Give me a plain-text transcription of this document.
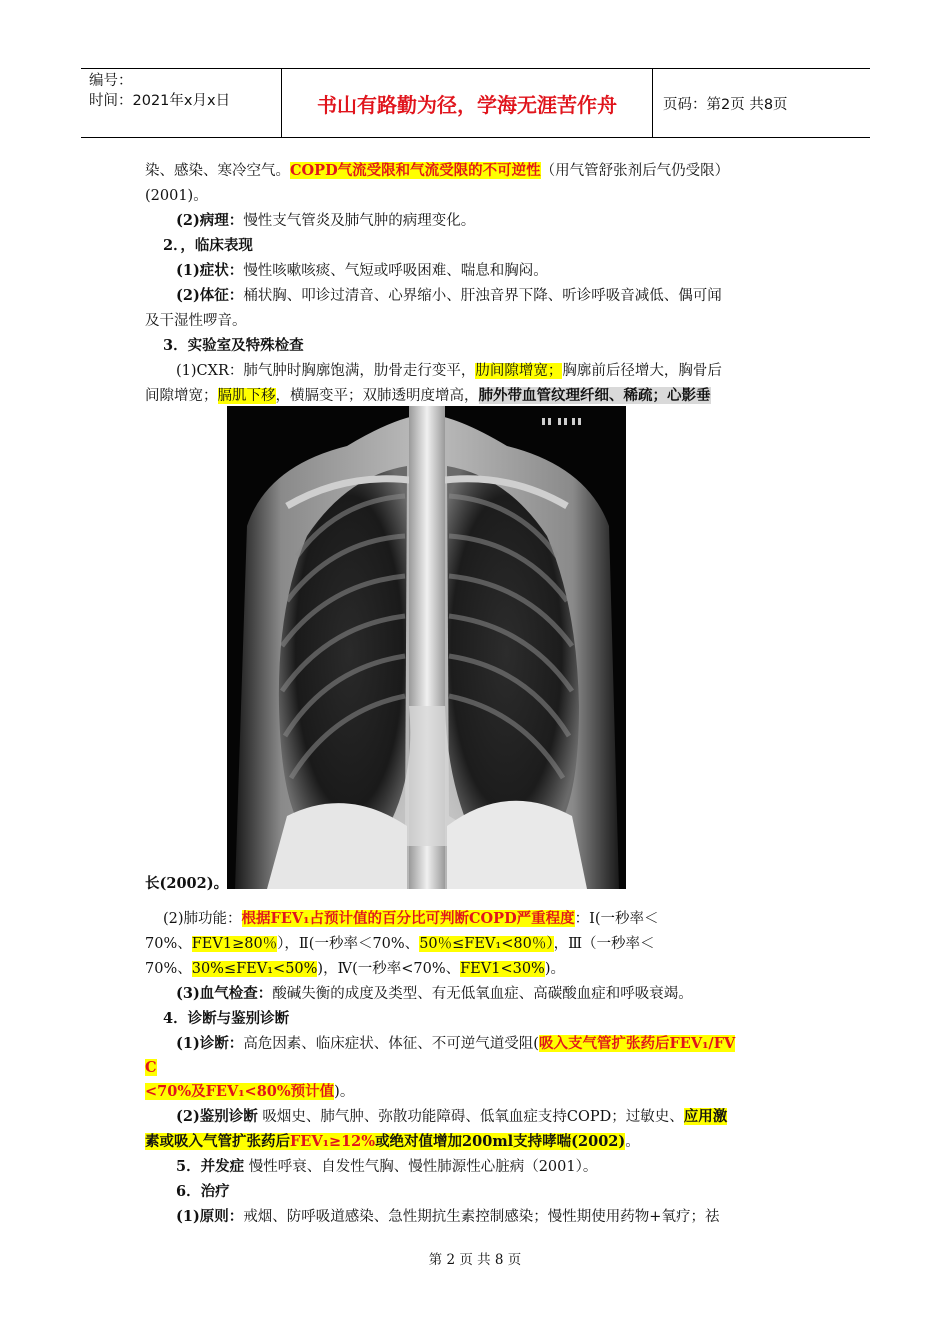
编号：
时间：2021年x月x日	书山有路勤为径，学海无涯苦作舟	页码：第2页 共8页
染、感染、寒冷空气。COPD气流受限和气流受限的不可逆性（用气管舒张剂后气仍受限）
(2001)。
(2)病理：慢性支气管炎及肺气肿的病理变化。
2．，临床表现
(1)症状：慢性咳嗽咳痰、气短或呼吸困难、喘息和胸闷。
(2)体征：桶状胸、叩诊过清音、心界缩小、肝浊音界下降、听诊呼吸音减低、偶可闻
及干湿性啰音。
3．实验室及特殊检查
(1)CXR：肺气肿时胸廓饱满，肋骨走行变平，肋间隙增宽；胸廓前后径增大，胸骨后
间隙增宽；膈肌下移，横膈变平；双肺透明度增高，肺外带血管纹理纤细、稀疏；心影垂
长(2002)。
(2)肺功能：根据FEV₁占预计值的百分比可判断COPD严重程度：Ⅰ(一秒率＜
70%、FEV1≥80％），Ⅱ(一秒率＜70%、50％≤FEV₁<80％），Ⅲ（一秒率＜
70%、30%≤FEV₁<50%)，Ⅳ(一秒率<70%、FEV1<30%)。
(3)血气检查：酸碱失衡的成度及类型、有无低氧血症、高碳酸血症和呼吸衰竭。
4．诊断与鉴别诊断
(1)诊断：高危因素、临床症状、体征、不可逆气道受阻(吸入支气管扩张药后FEV₁/FV
C
<70%及FEV₁<80%预计值)。
(2)鉴别诊断 吸烟史、肺气肿、弥散功能障碍、低氧血症支持COPD；过敏史、应用激
素或吸入气管扩张药后FEV₁≥12%或绝对值增加200ml支持哮喘(2002)。
5．并发症 慢性呼衰、自发性气胸、慢性肺源性心脏病（2001）。
6．治疗
(1)原则：戒烟、防呼吸道感染、急性期抗生素控制感染；慢性期使用药物+氧疗；祛
第 2 页 共 8 页
